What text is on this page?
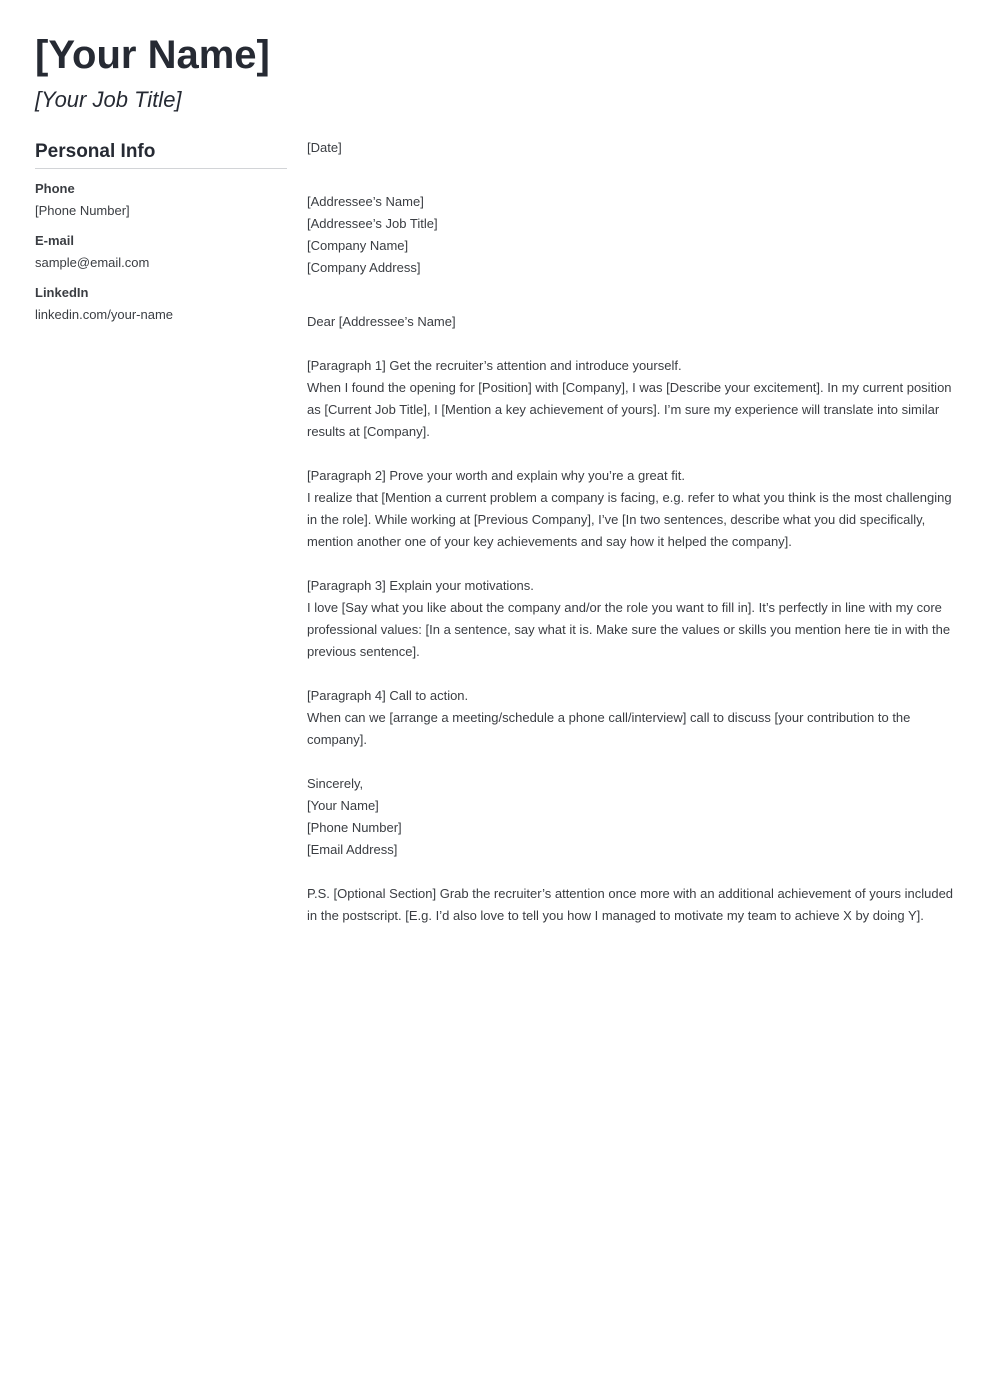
[Your Name]
[Your Job Title]
Personal Info
Phone
[Phone Number]
E-mail
sample@email.com
LinkedIn
linkedin.com/your-name
[Date]
[Addressee’s Name]
[Addressee’s Job Title]
[Company Name]
[Company Address]
Dear [Addressee’s Name]
[Paragraph 1] Get the recruiter’s attention and introduce yourself.
When I found the opening for [Position] with [Company], I was [Describe your excitement]. In my current position as [Current Job Title], I [Mention a key achievement of yours]. I’m sure my experience will translate into similar results at [Company].
[Paragraph 2] Prove your worth and explain why you’re a great fit.
I realize that [Mention a current problem a company is facing, e.g. refer to what you think is the most challenging in the role]. While working at [Previous Company], I’ve [In two sentences, describe what you did specifically, mention another one of your key achievements and say how it helped the company].
[Paragraph 3] Explain your motivations.
I love [Say what you like about the company and/or the role you want to fill in]. It’s perfectly in line with my core professional values: [In a sentence, say what it is. Make sure the values or skills you mention here tie in with the previous sentence].
[Paragraph 4] Call to action.
When can we [arrange a meeting/schedule a phone call/interview] call to discuss [your contribution to the company].
Sincerely,
[Your Name]
[Phone Number]
[Email Address]
P.S. [Optional Section] Grab the recruiter’s attention once more with an additional achievement of yours included in the postscript. [E.g. I’d also love to tell you how I managed to motivate my team to achieve X by doing Y].
